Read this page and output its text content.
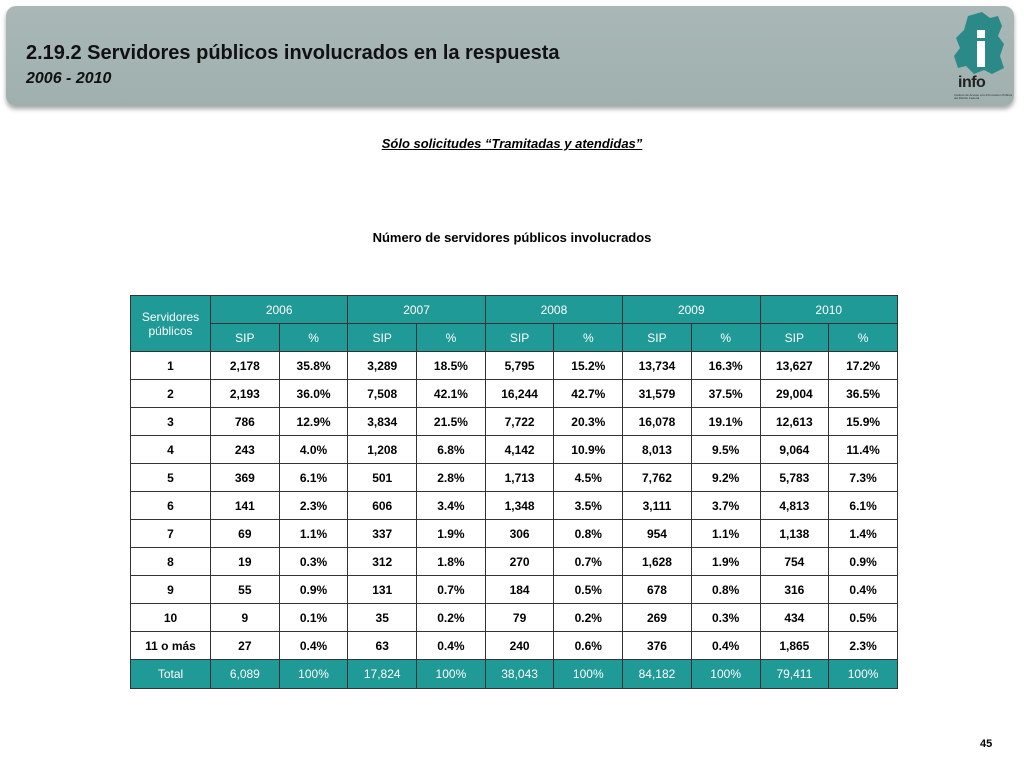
2.19.2 Servidores públicos involucrados en la respuesta
2006 - 2010	info
Instituto de Acceso a la Información Pública del Distrito Federal
Sólo solicitudes “Tramitadas y atendidas”
Número de servidores públicos involucrados
Servidores públicos	2006		2007		2008		2009		2010	
	SIP	%	SIP	%	SIP	%	SIP	%	SIP	%
1	2,178	35.8%	3,289	18.5%	5,795	15.2%	13,734	16.3%	13,627	17.2%
2	2,193	36.0%	7,508	42.1%	16,244	42.7%	31,579	37.5%	29,004	36.5%
3	786	12.9%	3,834	21.5%	7,722	20.3%	16,078	19.1%	12,613	15.9%
4	243	4.0%	1,208	6.8%	4,142	10.9%	8,013	9.5%	9,064	11.4%
5	369	6.1%	501	2.8%	1,713	4.5%	7,762	9.2%	5,783	7.3%
6	141	2.3%	606	3.4%	1,348	3.5%	3,111	3.7%	4,813	6.1%
7	69	1.1%	337	1.9%	306	0.8%	954	1.1%	1,138	1.4%
8	19	0.3%	312	1.8%	270	0.7%	1,628	1.9%	754	0.9%
9	55	0.9%	131	0.7%	184	0.5%	678	0.8%	316	0.4%
10	9	0.1%	35	0.2%	79	0.2%	269	0.3%	434	0.5%
11 o más	27	0.4%	63	0.4%	240	0.6%	376	0.4%	1,865	2.3%
Total	6,089	100%	17,824	100%	38,043	100%	84,182	100%	79,411	100%
45
